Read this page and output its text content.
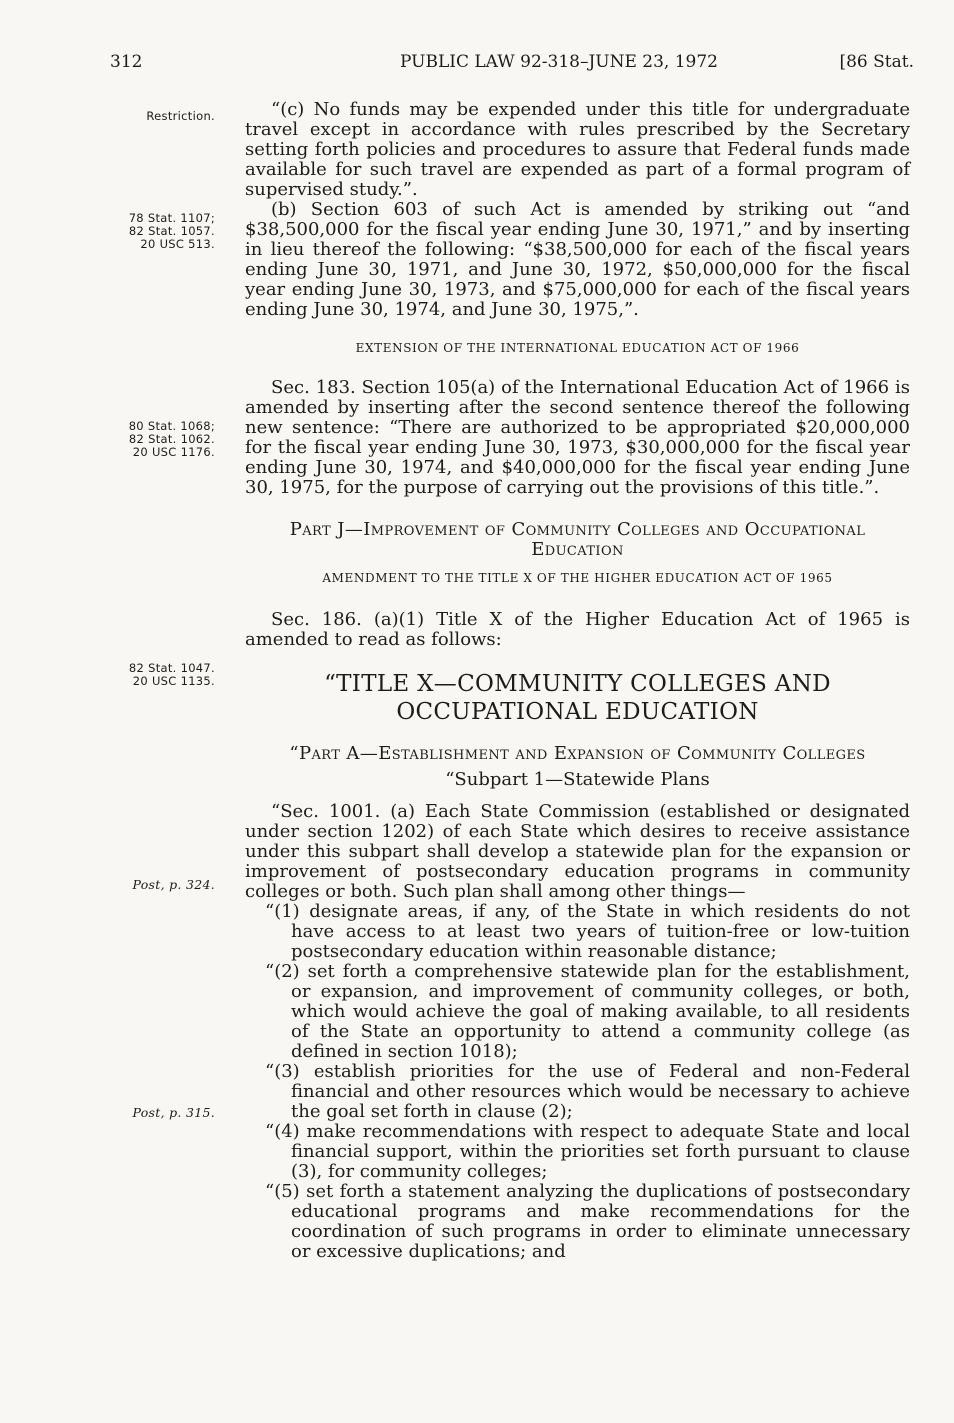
312	PUBLIC LAW 92-318–JUNE 23, 1972	[86 Stat.
Restriction.
78 Stat. 1107;
82 Stat. 1057.
20 USC 513.
80 Stat. 1068;
82 Stat. 1062.
20 USC 1176.
82 Stat. 1047.
20 USC 1135.
Post, p. 324.
Post, p. 315.

“(c) No funds may be expended under this title for undergraduate travel except in accordance with rules prescribed by the Secretary setting forth policies and procedures to assure that Federal funds made available for such travel are expended as part of a formal program of supervised study.”.

(b) Section 603 of such Act is amended by striking out “and $38,500,000 for the fiscal year ending June 30, 1971,” and by inserting in lieu thereof the following: “$38,500,000 for each of the fiscal years ending June 30, 1971, and June 30, 1972, $50,000,000 for the fiscal year ending June 30, 1973, and $75,000,000 for each of the fiscal years ending June 30, 1974, and June 30, 1975,”.

EXTENSION OF THE INTERNATIONAL EDUCATION ACT OF 1966

Sec. 183. Section 105(a) of the International Education Act of 1966 is amended by inserting after the second sentence thereof the following new sentence: “There are authorized to be appropriated $20,000,000 for the fiscal year ending June 30, 1973, $30,000,000 for the fiscal year ending June 30, 1974, and $40,000,000 for the fiscal year ending June 30, 1975, for the purpose of carrying out the provisions of this title.”.

Part J—Improvement of Community Colleges and Occupational Education

AMENDMENT TO THE TITLE X OF THE HIGHER EDUCATION ACT OF 1965

Sec. 186. (a)(1) Title X of the Higher Education Act of 1965 is amended to read as follows:

“TITLE X—COMMUNITY COLLEGES AND

OCCUPATIONAL EDUCATION

“Part A—Establishment and Expansion of Community Colleges

“Subpart 1—Statewide Plans

“Sec. 1001. (a) Each State Commission (established or designated under section 1202) of each State which desires to receive assistance under this subpart shall develop a statewide plan for the expansion or improvement of postsecondary education programs in community colleges or both. Such plan shall among other things—

“(1) designate areas, if any, of the State in which residents do not have access to at least two years of tuition-free or low-tuition postsecondary education within reasonable distance;

“(2) set forth a comprehensive statewide plan for the establishment, or expansion, and improvement of community colleges, or both, which would achieve the goal of making available, to all residents of the State an opportunity to attend a community college (as defined in section 1018);

“(3) establish priorities for the use of Federal and non-Federal financial and other resources which would be necessary to achieve the goal set forth in clause (2);

“(4) make recommendations with respect to adequate State and local financial support, within the priorities set forth pursuant to clause (3), for community colleges;

“(5) set forth a statement analyzing the duplications of postsecondary educational programs and make recommendations for the coordination of such programs in order to eliminate unnecessary or excessive duplications; and
